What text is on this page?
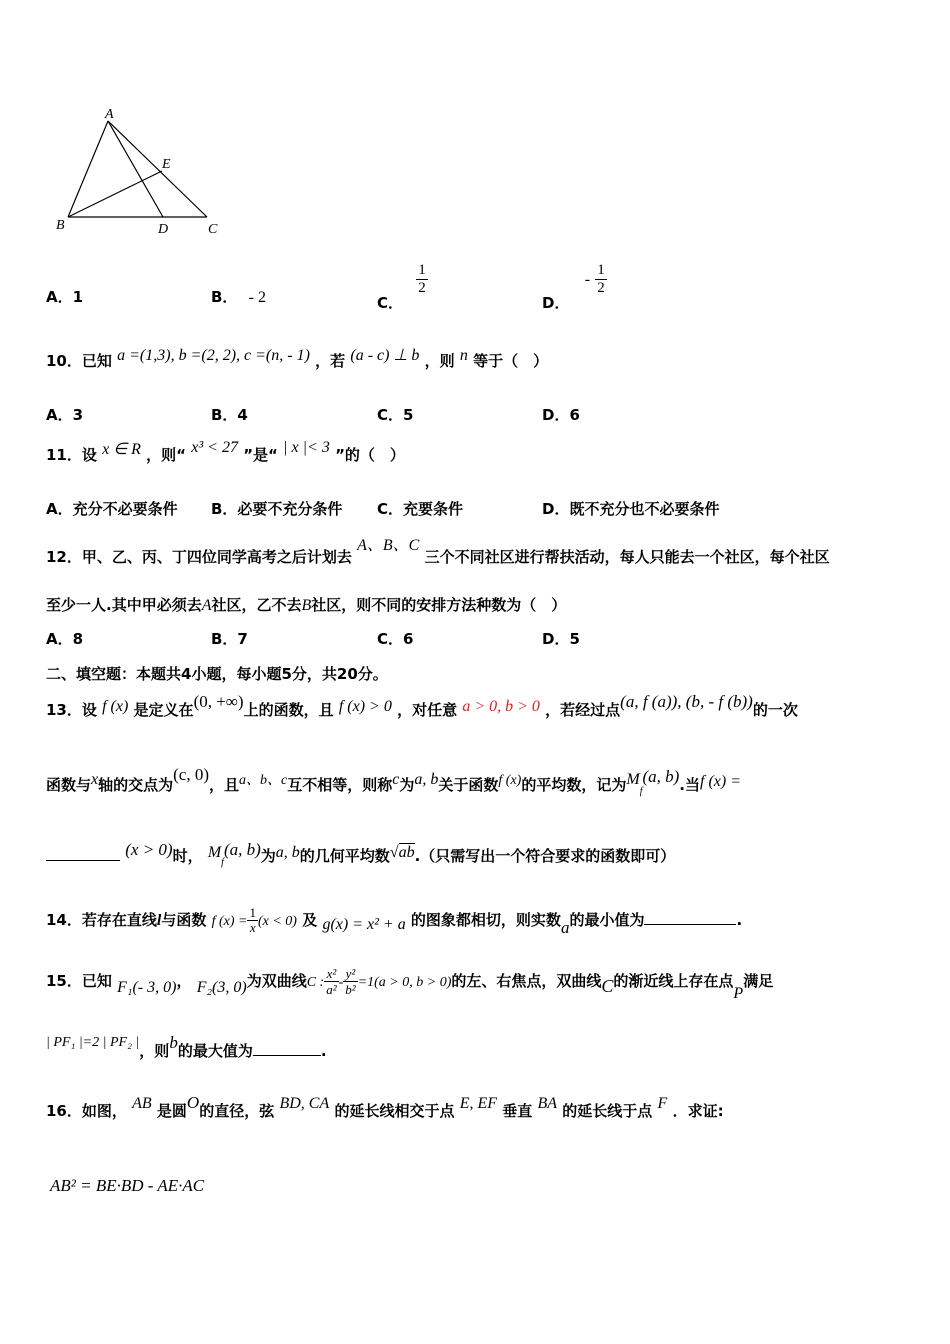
A
B	C
D
E
A．1	B． - 2	C．
$\frac{1}{2}$
D． - $\frac{1}{2}$
10．已知 a =(1,3), b =(2, 2), c =(n, - 1) ，若 (a - c) ⊥ b ，则 n 等于（　）
A．3	B．4	C．5	D．6
11．设 x ∈ R ，则“ x³ < 27 ”是“ | x |< 3 ”的（　）
A．充分不必要条件 B．必要不充分条件 C．充要条件	D．既不充分也不必要条件
12．甲、乙、丙、丁四位同学高考之后计划去 A、B、C 三个不同社区进行帮扶活动，每人只能去一个社区，每个社区
至少一人.其中甲必须去A社区，乙不去B社区，则不同的安排方法种数为（　）
A．8	B．7	C．6	D．5
二、填空题：本题共4小题，每小题5分，共20分。
13．设 f (x) 是定义在(0, +∞)上的函数，且 f (x) > 0 ，对任意 a > 0, b > 0 ，若经过点(a, f (a)), (b, - f (b))的一次
函数与x轴的交点为(c, 0)，且a、b、c互不相等，则称c为a, b关于函数f (x)的平均数，记为$M_f(a$, b).当f (x) =
(x > 0)时， $M_f(a$, b)为a, b的几何平均数√ab.（只需写出一个符合要求的函数即可）
14．若存在直线l与函数 f $(x) = \frac{1}{x} (x < 0)$ 及 g(x) = x² + a 的图象都相切，则实数a的最小值为	.
15．已知 F₁(- 3, 0)， F₂(3, 0)为双曲线C : $\frac{\text{x²}}{\text{a²}} - \frac{\text{y²}}{\text{b²}} =1(a > 0$, b > 0)的左、右焦点，双曲线C的渐近线上存在点P满足
| PF₁ |=2 | PF₂ |，则b的最大值为	.
16．如图， AB 是圆O的直径，弦 BD, CA 的延长线相交于点 E, EF 垂直 BA 的延长线于点 F ．求证:
AB² = BE·BD - AE·AC
